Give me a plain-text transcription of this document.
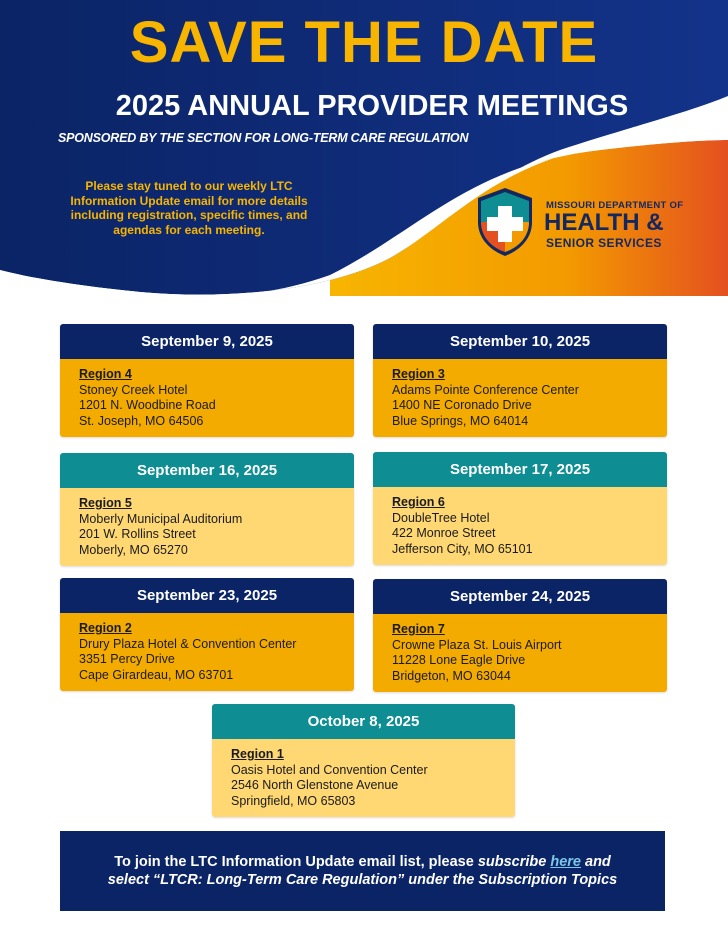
SAVE THE DATE
2025 ANNUAL PROVIDER MEETINGS
SPONSORED BY THE SECTION FOR LONG-TERM CARE REGULATION
Please stay tuned to our weekly LTC Information Update email for more details including registration, specific times, and agendas for each meeting.
MISSOURI DEPARTMENT OF
HEALTH &
SENIOR SERVICES
September 9, 2025
Region 4
Stoney Creek Hotel
1201 N. Woodbine Road
St. Joseph, MO 64506
September 10, 2025
Region 3
Adams Pointe Conference Center
1400 NE Coronado Drive
Blue Springs, MO 64014
September 16, 2025
Region 5
Moberly Municipal Auditorium
201 W. Rollins Street
Moberly, MO 65270
September 17, 2025
Region 6
DoubleTree Hotel
422 Monroe Street
Jefferson City, MO 65101
September 23, 2025
Region 2
Drury Plaza Hotel & Convention Center
3351 Percy Drive
Cape Girardeau, MO 63701
September 24, 2025
Region 7
Crowne Plaza St. Louis Airport
11228 Lone Eagle Drive
Bridgeton, MO 63044
October 8, 2025
Region 1
Oasis Hotel and Convention Center
2546 North Glenstone Avenue
Springfield, MO 65803
To join the LTC Information Update email list, please subscribe here and
select “LTCR: Long-Term Care Regulation” under the Subscription Topics
